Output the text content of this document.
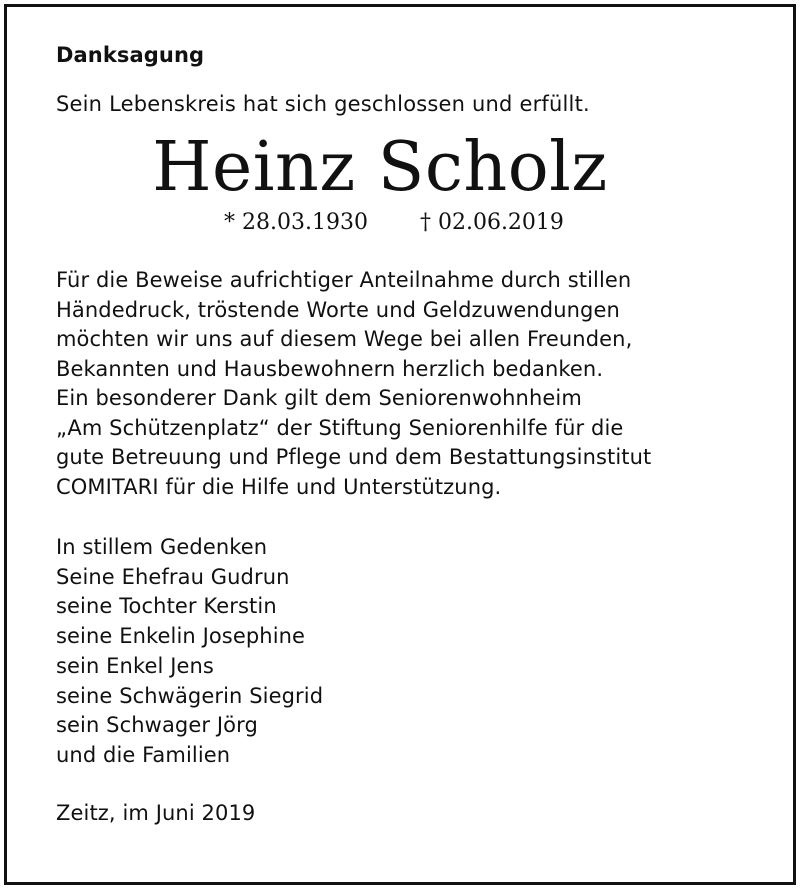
Danksagung
Sein Lebenskreis hat sich geschlossen und erfüllt.
Heinz Scholz
* 28.03.1930 † 02.06.2019
Für die Beweise aufrichtiger Anteilnahme durch stillen
Händedruck, tröstende Worte und Geldzuwendungen
möchten wir uns auf diesem Wege bei allen Freunden,
Bekannten und Hausbewohnern herzlich bedanken.
Ein besonderer Dank gilt dem Seniorenwohnheim
„Am Schützenplatz“ der Stiftung Seniorenhilfe für die
gute Betreuung und Pflege und dem Bestattungsinstitut
COMITARI für die Hilfe und Unterstützung.
In stillem Gedenken
Seine Ehefrau Gudrun
seine Tochter Kerstin
seine Enkelin Josephine
sein Enkel Jens
seine Schwägerin Siegrid
sein Schwager Jörg
und die Familien
Zeitz, im Juni 2019
